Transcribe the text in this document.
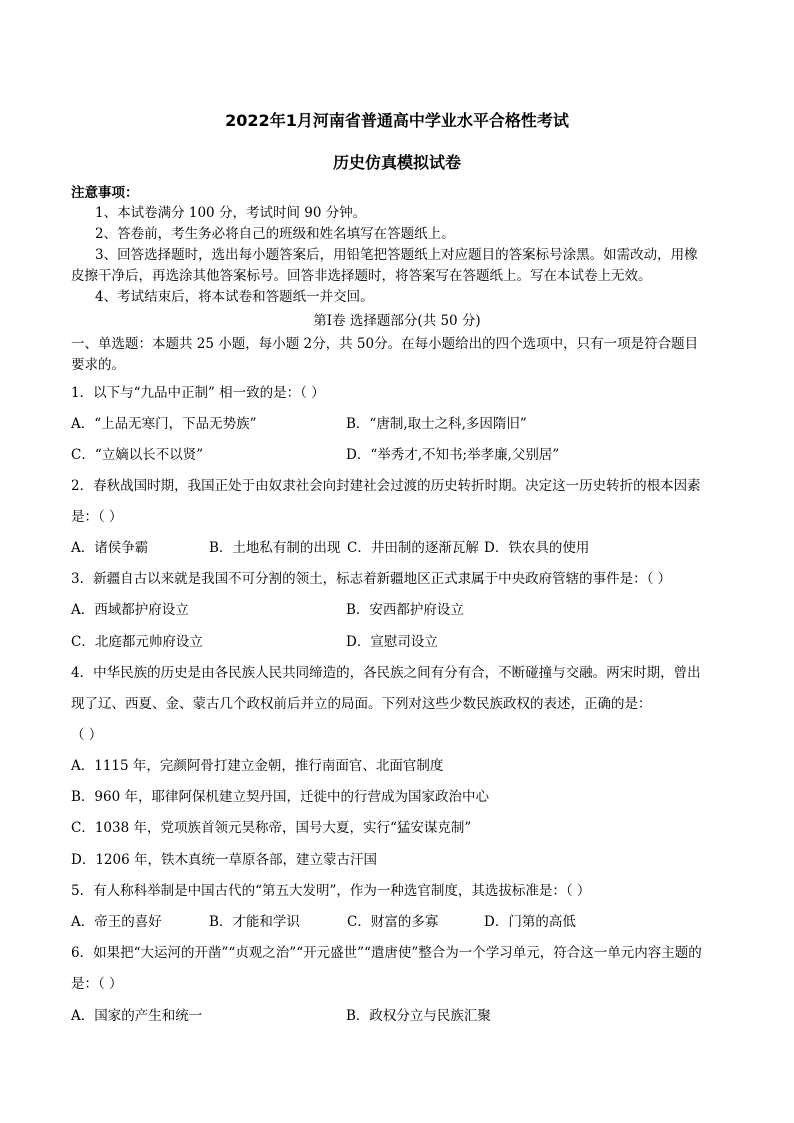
2022年1月河南省普通高中学业水平合格性考试
历史仿真模拟试卷
注意事项：
1、本试卷满分 100 分，考试时间 90 分钟。
2、答卷前，考生务必将自己的班级和姓名填写在答题纸上。
3、回答选择题时，选出每小题答案后，用铅笔把答题纸上对应题目的答案标号涂黑。如需改动，用橡
皮擦干净后，再选涂其他答案标号。回答非选择题时，将答案写在答题纸上。写在本试卷上无效。
4、考试结束后，将本试卷和答题纸一并交回。
第Ⅰ卷 选择题部分(共 50 分)
一、单选题：本题共 25 小题，每小题 2分，共 50分。在每小题给出的四个选项中，只有一项是符合题目
要求的。
1．以下与“九品中正制” 相一致的是：（ ）
A．“上品无寒门，下品无势族”	B．“唐制,取士之科,多因隋旧”
C．“立嫡以长不以贤”	D．“举秀才,不知书;举孝廉,父别居”
2．春秋战国时期，我国正处于由奴隶社会向封建社会过渡的历史转折时期。决定这一历史转折的根本因素
是：（ ）
A．诸侯争霸	B．土地私有制的出现 C．井田制的逐渐瓦解 D．铁农具的使用
3．新疆自古以来就是我国不可分割的领土，标志着新疆地区正式隶属于中央政府管辖的事件是：（ ）
A．西域都护府设立	B．安西都护府设立
C．北庭都元帅府设立	D．宣慰司设立
4．中华民族的历史是由各民族人民共同缔造的，各民族之间有分有合，不断碰撞与交融。两宋时期，曾出
现了辽、西夏、金、蒙古几个政权前后并立的局面。下列对这些少数民族政权的表述，正确的是：
（ ）
A．1115 年，完颜阿骨打建立金朝，推行南面官、北面官制度
B．960 年，耶律阿保机建立契丹国，迁徙中的行营成为国家政治中心
C．1038 年，党项族首领元昊称帝，国号大夏，实行“猛安谋克制”
D．1206 年，铁木真统一草原各部，建立蒙古汗国
5．有人称科举制是中国古代的“第五大发明”，作为一种选官制度，其选拔标准是：（ ）
A．帝王的喜好	B．才能和学识	C．财富的多寡	D．门第的高低
6．如果把“大运河的开凿”“贞观之治”“开元盛世”“遣唐使”整合为一个学习单元，符合这一单元内容主题的
是：（ ）
A．国家的产生和统一	B．政权分立与民族汇聚
